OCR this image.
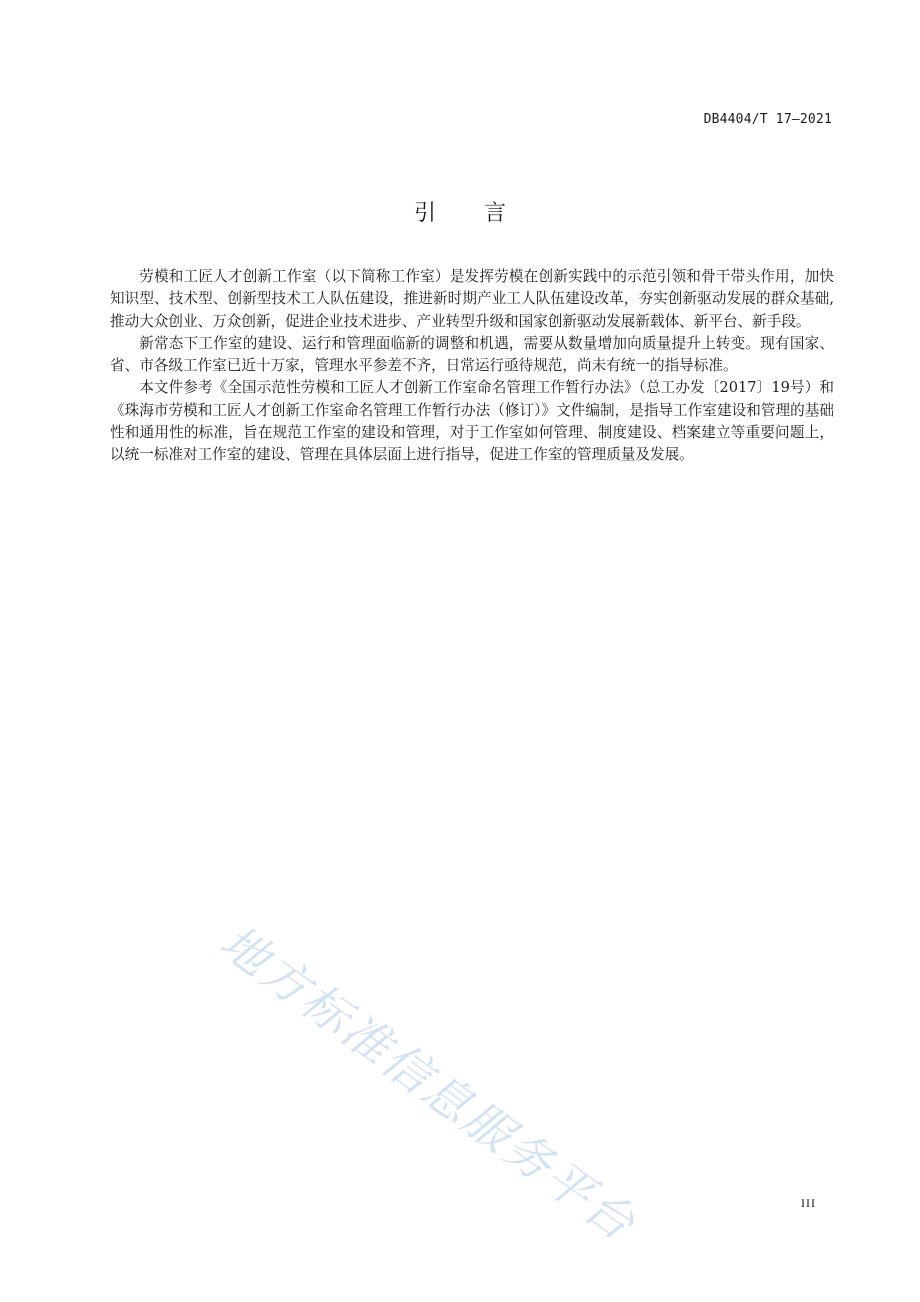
DB4404/T 17—2021
引言

劳模和工匠人才创新工作室（以下简称工作室）是发挥劳模在创新实践中的示范引领和骨干带头作用，加快知识型、技术型、创新型技术工人队伍建设，推进新时期产业工人队伍建设改革，夯实创新驱动发展的群众基础,推动大众创业、万众创新，促进企业技术进步、产业转型升级和国家创新驱动发展新载体、新平台、新手段。

新常态下工作室的建设、运行和管理面临新的调整和机遇，需要从数量增加向质量提升上转变。现有国家、省、市各级工作室已近十万家，管理水平参差不齐，日常运行亟待规范，尚未有统一的指导标准。

本文件参考《全国示范性劳模和工匠人才创新工作室命名管理工作暂行办法》（总工办发〔2017〕19号）和《珠海市劳模和工匠人才创新工作室命名管理工作暂行办法（修订）》文件编制，是指导工作室建设和管理的基础性和通用性的标准，旨在规范工作室的建设和管理，对于工作室如何管理、制度建设、档案建立等重要问题上，以统一标准对工作室的建设、管理在具体层面上进行指导，促进工作室的管理质量及发展。

地方标准信息服务平台	III
